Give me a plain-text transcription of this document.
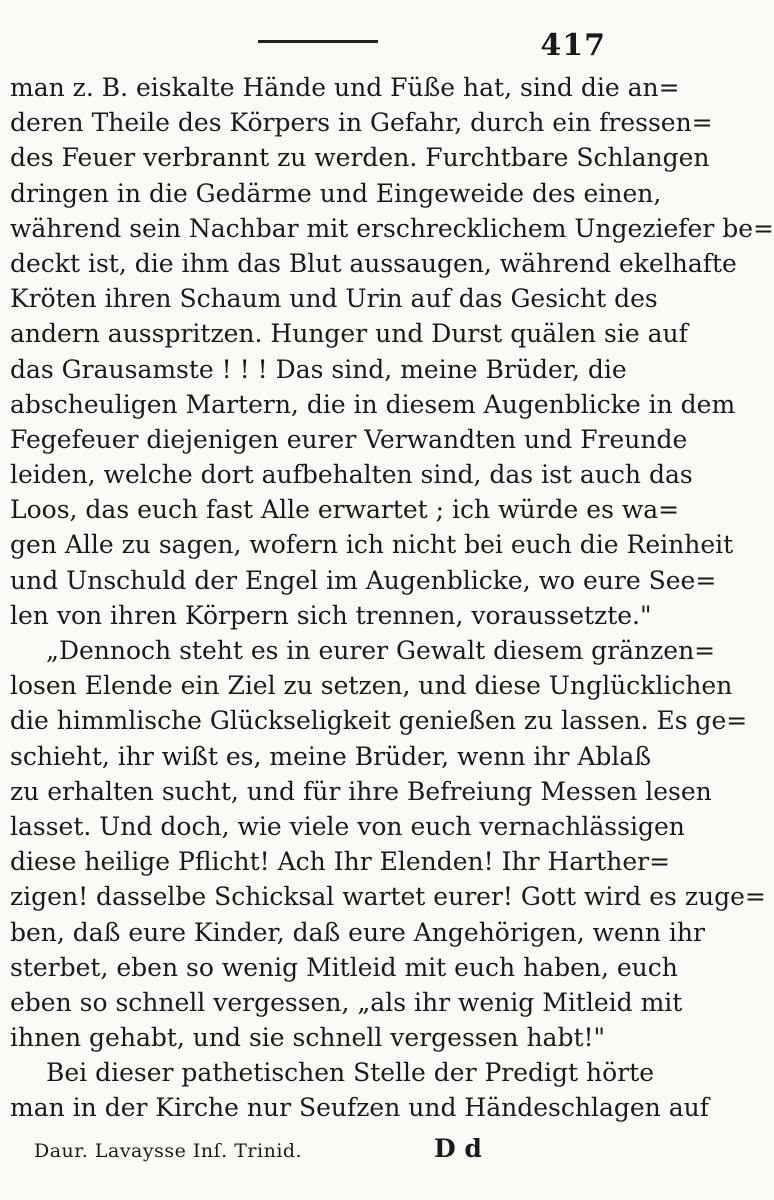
417
man z. B. eiskalte Hände und Füße hat, sind die an=
deren Theile des Körpers in Gefahr, durch ein fressen=
des Feuer verbrannt zu werden. Furchtbare Schlangen
dringen in die Gedärme und Eingeweide des einen,
während sein Nachbar mit erschrecklichem Ungeziefer be=
deckt ist, die ihm das Blut aussaugen, während ekelhafte
Kröten ihren Schaum und Urin auf das Gesicht des
andern ausspritzen. Hunger und Durst quälen sie auf
das Grausamste ! ! ! Das sind, meine Brüder, die
abscheuligen Martern, die in diesem Augenblicke in dem
Fegefeuer diejenigen eurer Verwandten und Freunde
leiden, welche dort aufbehalten sind, das ist auch das
Loos, das euch fast Alle erwartet ; ich würde es wa=
gen Alle zu sagen, wofern ich nicht bei euch die Reinheit
und Unschuld der Engel im Augenblicke, wo eure See=
len von ihren Körpern sich trennen, voraussetzte."
„Dennoch steht es in eurer Gewalt diesem gränzen=
losen Elende ein Ziel zu setzen, und diese Unglücklichen
die himmlische Glückseligkeit genießen zu lassen. Es ge=
schieht, ihr wißt es, meine Brüder, wenn ihr Ablaß
zu erhalten sucht, und für ihre Befreiung Messen lesen
lasset. Und doch, wie viele von euch vernachlässigen
diese heilige Pflicht! Ach Ihr Elenden! Ihr Harther=
zigen! dasselbe Schicksal wartet eurer! Gott wird es zuge=
ben, daß eure Kinder, daß eure Angehörigen, wenn ihr
sterbet, eben so wenig Mitleid mit euch haben, euch
eben so schnell vergessen, „als ihr wenig Mitleid mit
ihnen gehabt, und sie schnell vergessen habt!"
Bei dieser pathetischen Stelle der Predigt hörte
man in der Kirche nur Seufzen und Händeschlagen auf
Daur. Lavaysse Inſ. Trinid.	D d
